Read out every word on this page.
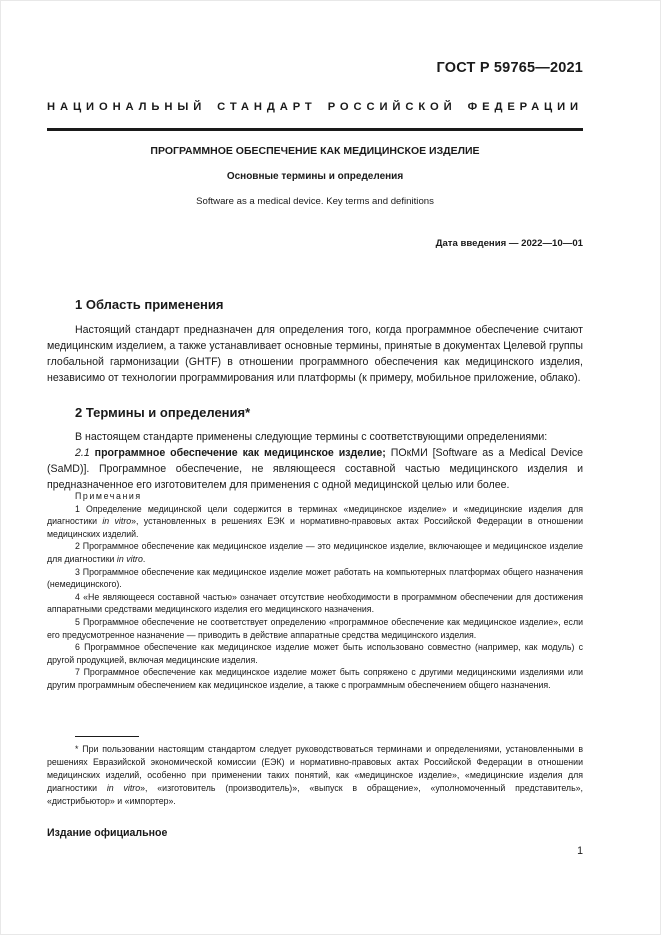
ГОСТ Р 59765—2021
НАЦИОНАЛЬНЫЙ СТАНДАРТ РОССИЙСКОЙ ФЕДЕРАЦИИ
ПРОГРАММНОЕ ОБЕСПЕЧЕНИЕ КАК МЕДИЦИНСКОЕ ИЗДЕЛИЕ
Основные термины и определения
Software as a medical device. Key terms and definitions
Дата введения — 2022—10—01
1 Область применения
Настоящий стандарт предназначен для определения того, когда программное обеспечение считают медицинским изделием, а также устанавливает основные термины, принятые в документах Целевой группы глобальной гармонизации (GHTF) в отношении программного обеспечения как медицинского изделия, независимо от технологии программирования или платформы (к примеру, мобильное приложение, облако).
2 Термины и определения*
В настоящем стандарте применены следующие термины с соответствующими определениями:
2.1 программное обеспечение как медицинское изделие; ПОкМИ [Software as a Medical Device (SaMD)]. Программное обеспечение, не являющееся составной частью медицинского изделия и предназначенное его изготовителем для применения с одной медицинской целью или более.
Примечания

1 Определение медицинской цели содержится в терминах «медицинское изделие» и «медицинские изделия для диагностики in vitro», установленных в решениях ЕЭК и нормативно-правовых актах Российской Федерации в отношении медицинских изделий.

2 Программное обеспечение как медицинское изделие — это медицинское изделие, включающее и медицинское изделие для диагностики in vitro.

3 Программное обеспечение как медицинское изделие может работать на компьютерных платформах общего назначения (немедицинского).

4 «Не являющееся составной частью» означает отсутствие необходимости в программном обеспечении для достижения аппаратными средствами медицинского изделия его медицинского назначения.

5 Программное обеспечение не соответствует определению «программное обеспечение как медицинское изделие», если его предусмотренное назначение — приводить в действие аппаратные средства медицинского изделия.

6 Программное обеспечение как медицинское изделие может быть использовано совместно (например, как модуль) с другой продукцией, включая медицинские изделия.

7 Программное обеспечение как медицинское изделие может быть сопряжено с другими медицинскими изделиями или другим программным обеспечением как медицинское изделие, а также с программным обеспечением общего назначения.

* При пользовании настоящим стандартом следует руководствоваться терминами и определениями, установленными в решениях Евразийской экономической комиссии (ЕЭК) и нормативно-правовых актах Российской Федерации в отношении медицинских изделий, особенно при применении таких понятий, как «медицинское изделие», «медицинские изделия для диагностики in vitro», «изготовитель (производитель)», «выпуск в обращение», «уполномоченный представитель», «дистрибьютор» и «импортер».
Издание официальное
1
